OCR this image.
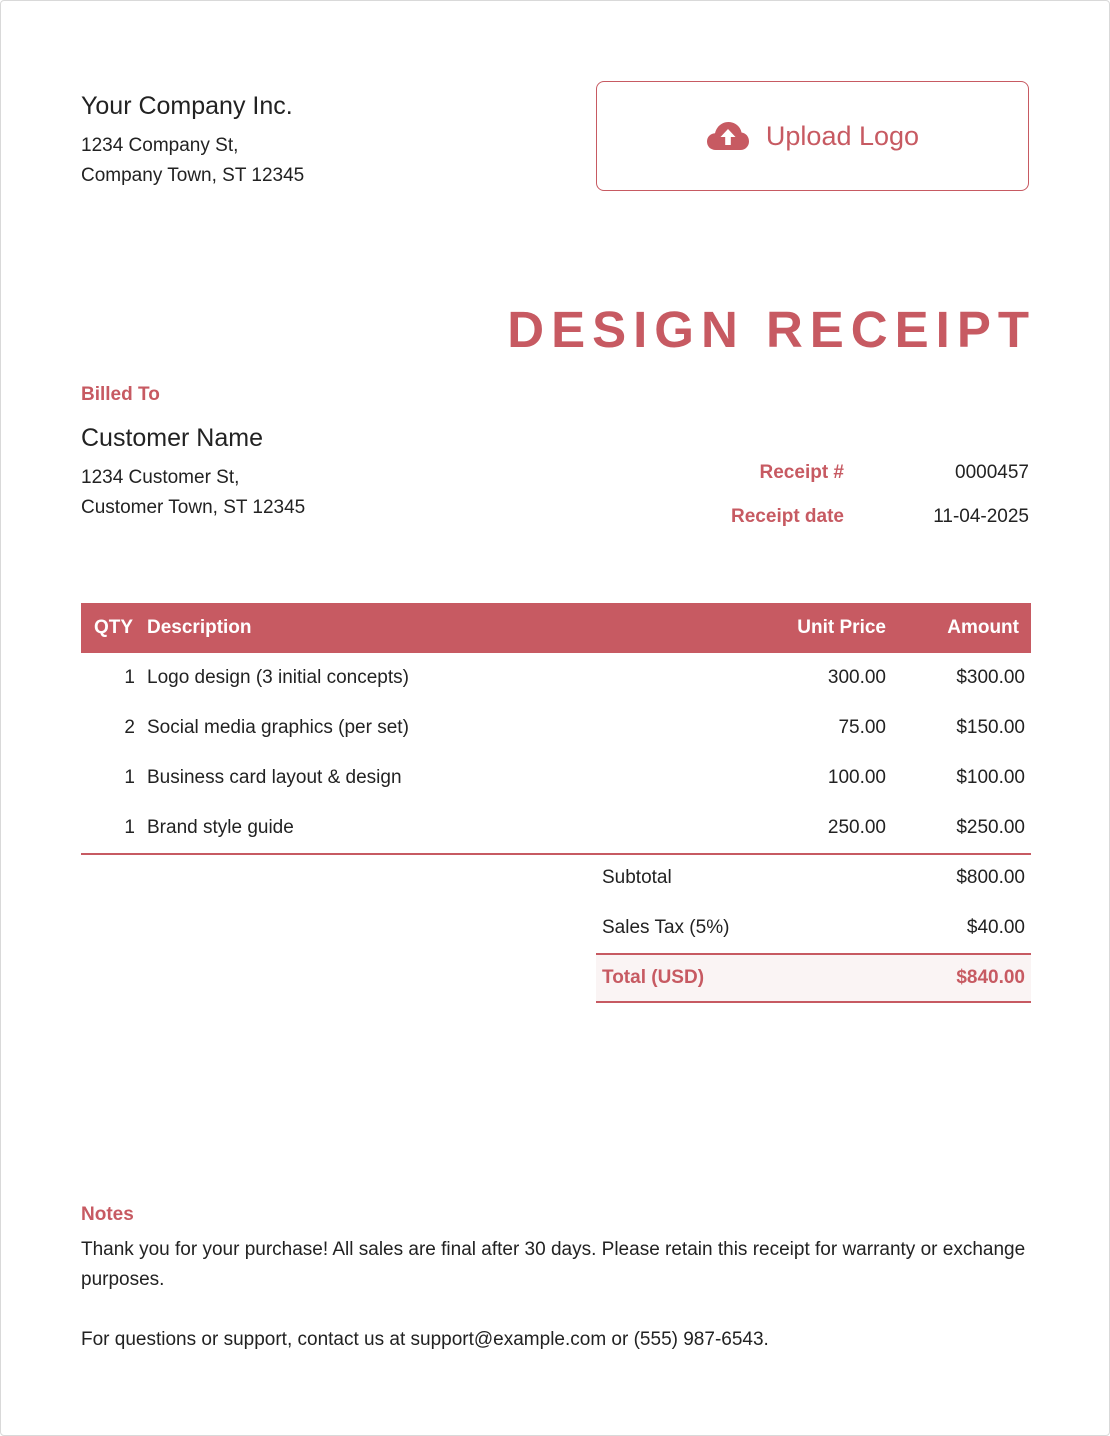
Your Company Inc.
1234 Company St,
Company Town, ST 12345
Upload Logo
DESIGN RECEIPT
Billed To
Customer Name
1234 Customer St,
Customer Town, ST 12345
Receipt #	0000457
Receipt date	11-04-2025
QTY Description	Unit Price	Amount
1 Logo design (3 initial concepts)	300.00	$300.00
2 Social media graphics (per set)	75.00	$150.00
1 Business card layout & design	100.00	$100.00
1 Brand style guide	250.00	$250.00
Subtotal	$800.00
Sales Tax (5%)	$40.00
Total (USD)	$840.00
Notes

Thank you for your purchase! All sales are final after 30 days. Please retain this receipt for warranty or exchange purposes.

For questions or support, contact us at support@example.com or (555) 987-6543.
